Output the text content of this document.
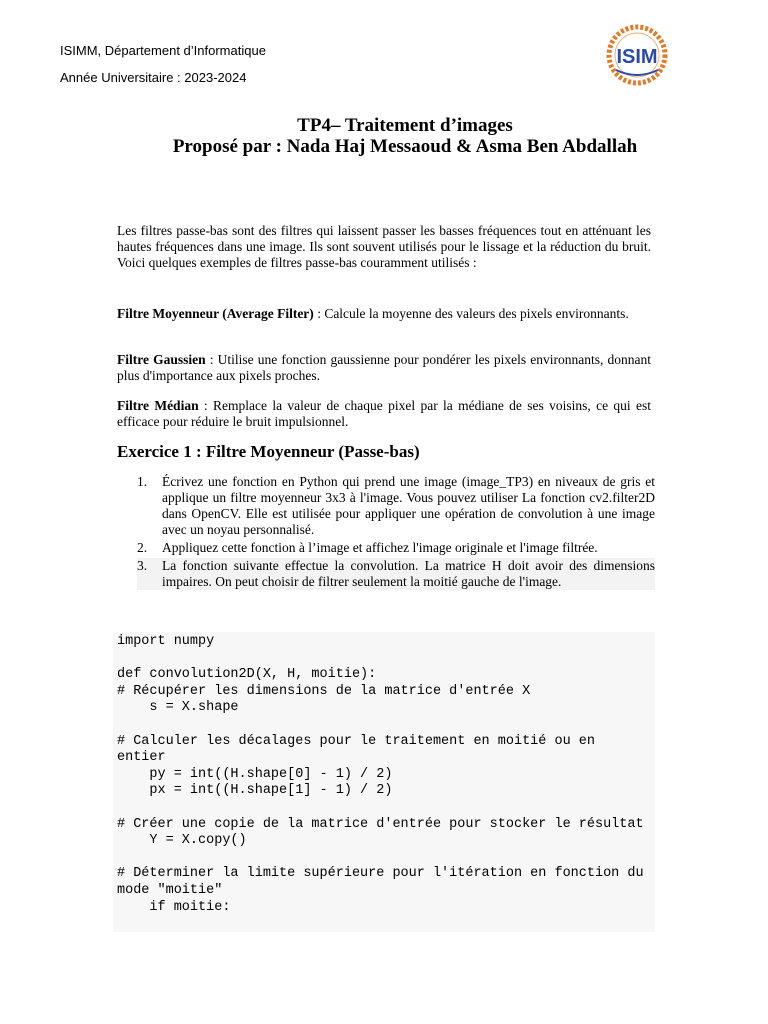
ISIMM, Département d’Informatique
Année Universitaire : 2023-2024
ISIM
TP4– Traitement d’images
Proposé par : Nada Haj Messaoud & Asma Ben Abdallah

Les filtres passe-bas sont des filtres qui laissent passer les basses fréquences tout en atténuant les hautes fréquences dans une image. Ils sont souvent utilisés pour le lissage et la réduction du bruit. Voici quelques exemples de filtres passe-bas couramment utilisés :

Filtre Moyenneur (Average Filter) : Calcule la moyenne des valeurs des pixels environnants.

Filtre Gaussien : Utilise une fonction gaussienne pour pondérer les pixels environnants, donnant plus d'importance aux pixels proches.

Filtre Médian : Remplace la valeur de chaque pixel par la médiane de ses voisins, ce qui est efficace pour réduire le bruit impulsionnel.

Exercice 1 : Filtre Moyenneur (Passe-bas)
1. Écrivez une fonction en Python qui prend une image (image_TP3) en niveaux de gris et applique un filtre moyenneur 3x3 à l'image. Vous pouvez utiliser La fonction cv2.filter2D dans OpenCV. Elle est utilisée pour appliquer une opération de convolution à une image avec un noyau personnalisé.
2. Appliquez cette fonction à l’image et affichez l'image originale et l'image filtrée.
3. La fonction suivante effectue la convolution. La matrice H doit avoir des dimensions impaires. On peut choisir de filtrer seulement la moitié gauche de l'image.
import numpy
def convolution2D(X, H, moitie):
# Récupérer les dimensions de la matrice d'entrée X
s = X.shape
# Calculer les décalages pour le traitement en moitié ou en entier
py = int((H.shape[0] - 1) / 2)
px = int((H.shape[1] - 1) / 2)
# Créer une copie de la matrice d'entrée pour stocker le résultat
Y = X.copy()
# Déterminer la limite supérieure pour l'itération en fonction du mode "moitie"
if moitie:
